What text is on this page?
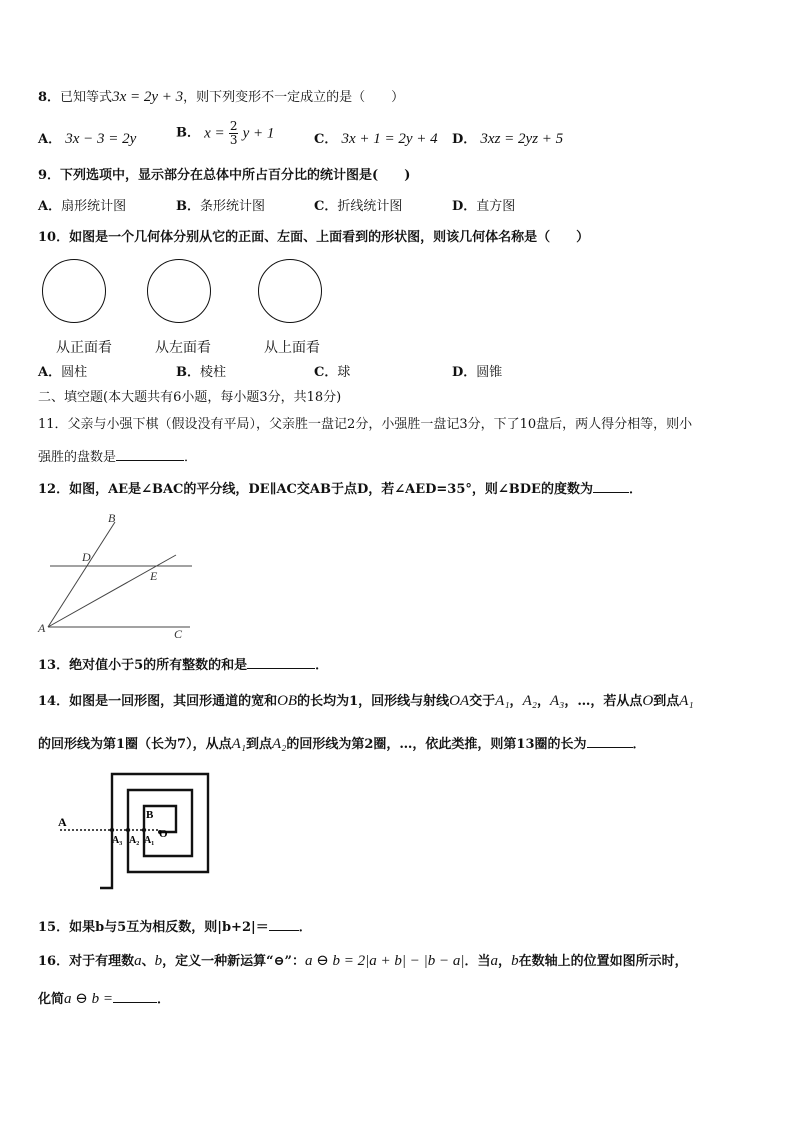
8．已知等式3x = 2y + 3，则下列变形不一定成立的是（　　）
A． 3x − 3 = 2y	B． $x = \frac{2}{3}$ y + 1	C． 3x + 1 = 2y + 4 D． 3xz = 2yz + 5
9．下列选项中，显示部分在总体中所占百分比的统计图是(　　)
A．扇形统计图	B．条形统计图	C．折线统计图	D．直方图
10．如图是一个几何体分别从它的正面、左面、上面看到的形状图，则该几何体名称是（　　）
从正面看	从左面看	从上面看
A．圆柱	B．棱柱	C．球	D．圆锥
二、填空题(本大题共有6小题，每小题3分，共18分)
11．父亲与小强下棋（假设没有平局），父亲胜一盘记2分，小强胜一盘记3分，下了10盘后，两人得分相等，则小
强胜的盘数是	．
12．如图，AE是∠BAC的平分线，DE∥AC交AB于点D，若∠AED=35°，则∠BDE的度数为	．
B
D
E
A	C
13．绝对值小于5的所有整数的和是	．
14．如图是一回形图，其回形通道的宽和OB的长均为1，回形线与射线OA交于A₁，A₂，A₃，…，若从点O到点A₁
的回形线为第1圈（长为7），从点A₁到点A₂的回形线为第2圈，…，依此类推，则第13圈的长为	．
A	B
O
A₁
A₂
A₃
15．如果b与5互为相反数，则|b+2|＝ ．
16．对于有理数a、b，定义一种新运算“⊖”：a ⊖ b = 2|a + b| − |b − a|．当a，b在数轴上的位置如图所示时，
化简a ⊖ b =	．
